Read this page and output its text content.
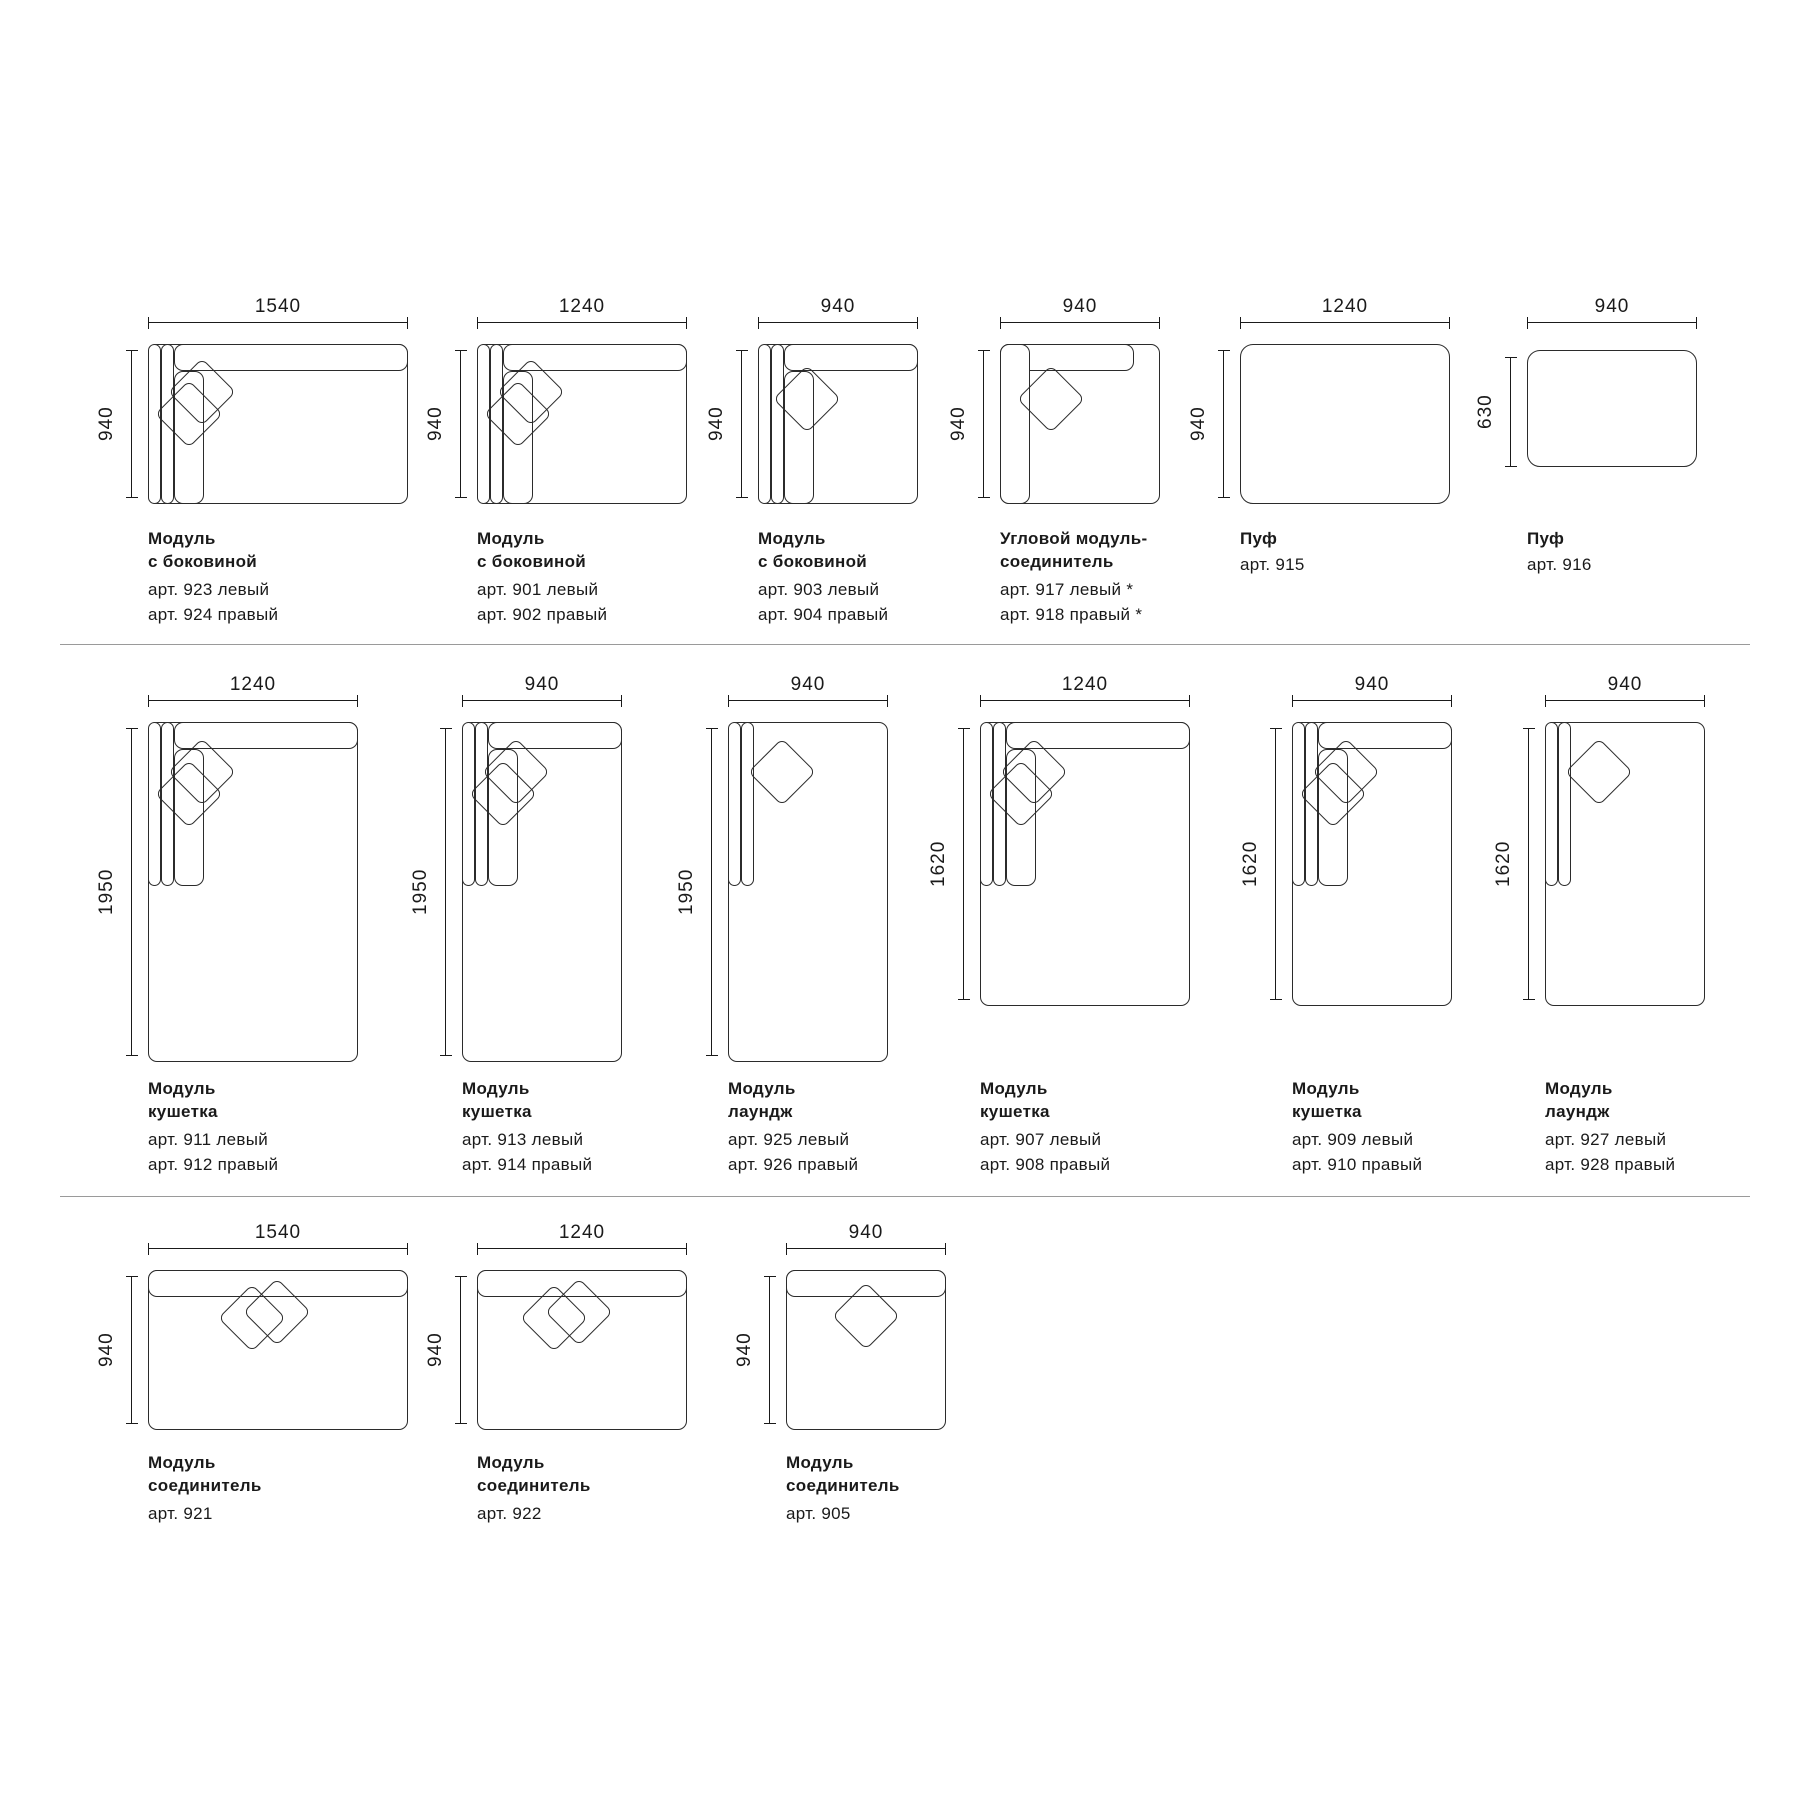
1540
940
Модуль
с боковиной
арт. 923 левый
арт. 924 правый
1240
940
Модуль
с боковиной
арт. 901 левый
арт. 902 правый
940
940
Модуль
с боковиной
арт. 903 левый
арт. 904 правый
940
940
Угловой модуль-
соединитель
арт. 917 левый *
арт. 918 правый *
1240
940
Пуф
арт. 915
940
630
Пуф
арт. 916
1240
1950
Модуль
кушетка
арт. 911 левый
арт. 912 правый
940
1950
Модуль
кушетка
арт. 913 левый
арт. 914 правый
940
1950
Модуль
лаундж
арт. 925 левый
арт. 926 правый
1240
1620
Модуль
кушетка
арт. 907 левый
арт. 908 правый
940
1620
Модуль
кушетка
арт. 909 левый
арт. 910 правый
940
1620
Модуль
лаундж
арт. 927 левый
арт. 928 правый
1540
940
Модуль
соединитель
арт. 921
1240
940
Модуль
соединитель
арт. 922
940
940
Модуль
соединитель
арт. 905
